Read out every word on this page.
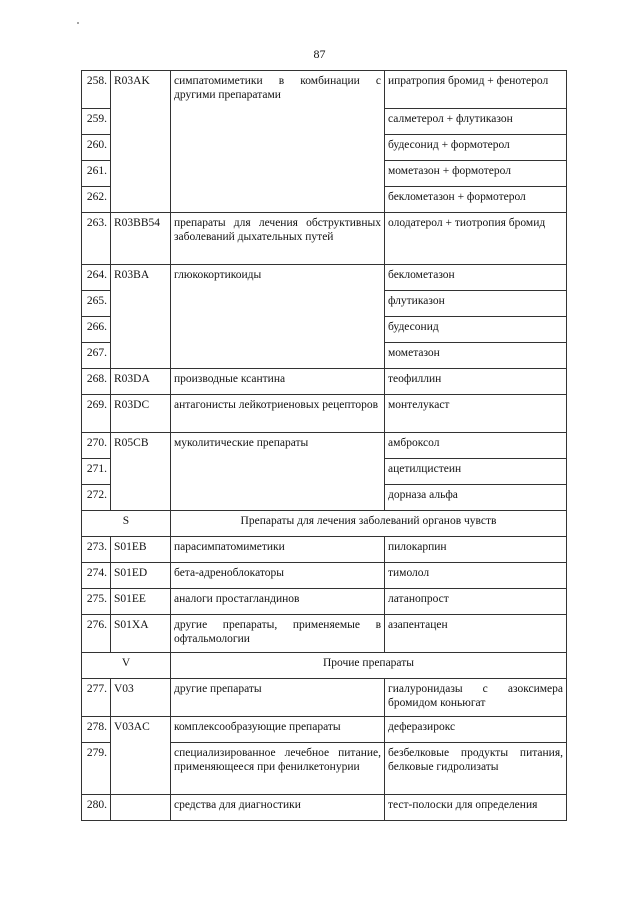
87
258.	R03AK	симпатомиметики в комбинации с другими препаратами	ипратропия бромид + фенотерол
259.			салметерол + флутиказон
260.			будесонид + формотерол
261.			мометазон + формотерол
262.			беклометазон + формотерол
263.	R03BB54	препараты для лечения обструктивных заболеваний дыхательных путей	олодатерол + тиотропия бромид
264.	R03BA	глюкокортикоиды	беклометазон
265.			флутиказон
266.			будесонид
267.			мометазон
268.	R03DA	производные ксантина	теофиллин
269.	R03DC	антагонисты лейкотриеновых рецепторов	монтелукаст
270.	R05CB	муколитические препараты	амброксол
271.			ацетилцистеин
272.			дорназа альфа
S		Препараты для лечения заболеваний органов чувств	
273.	S01EB	парасимпатомиметики	пилокарпин
274.	S01ED	бета-адреноблокаторы	тимолол
275.	S01EE	аналоги простагландинов	латанопрост
276.	S01XA	другие препараты, применяемые в офтальмологии	азапентацен
V		Прочие препараты	
277.	V03	другие препараты	гиалуронидазы с азоксимера бромидом коньюгат
278.	V03AC	комплексообразующие препараты	деферазирокс
279.		специализированное лечебное питание, применяющееся при фенилкетонурии	безбелковые продукты питания, белковые гидролизаты
280.		средства для диагностики	тест-полоски для определения
